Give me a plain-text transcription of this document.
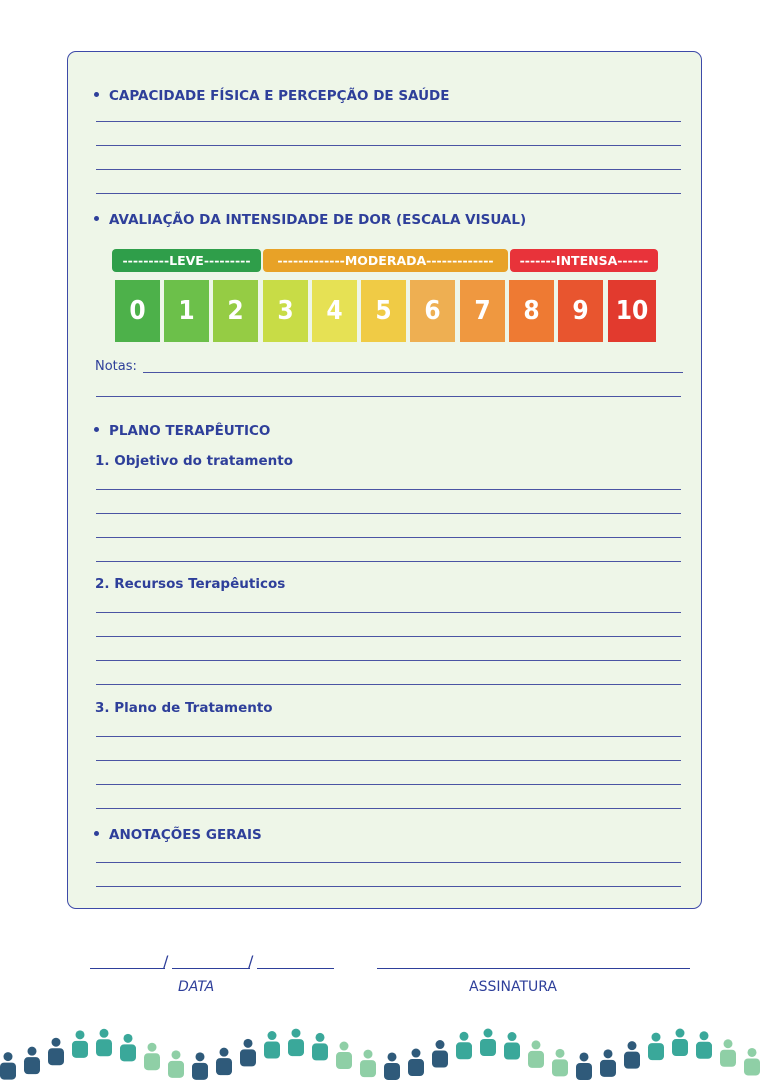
CAPACIDADE FÍSICA E PERCEPÇÃO DE SAÚDE
AVALIAÇÃO DA INTENSIDADE DE DOR (ESCALA VISUAL)
---------LEVE--------- -------------MODERADA------------- -------INTENSA------
0 1 2 3 4 5 6 7 8 9 10
Notas:
PLANO TERAPÊUTICO
1. Objetivo do tratamento
2. Recursos Terapêuticos
3. Plano de Tratamento
ANOTAÇÕES GERAIS
/	/
DATA	ASSINATURA
